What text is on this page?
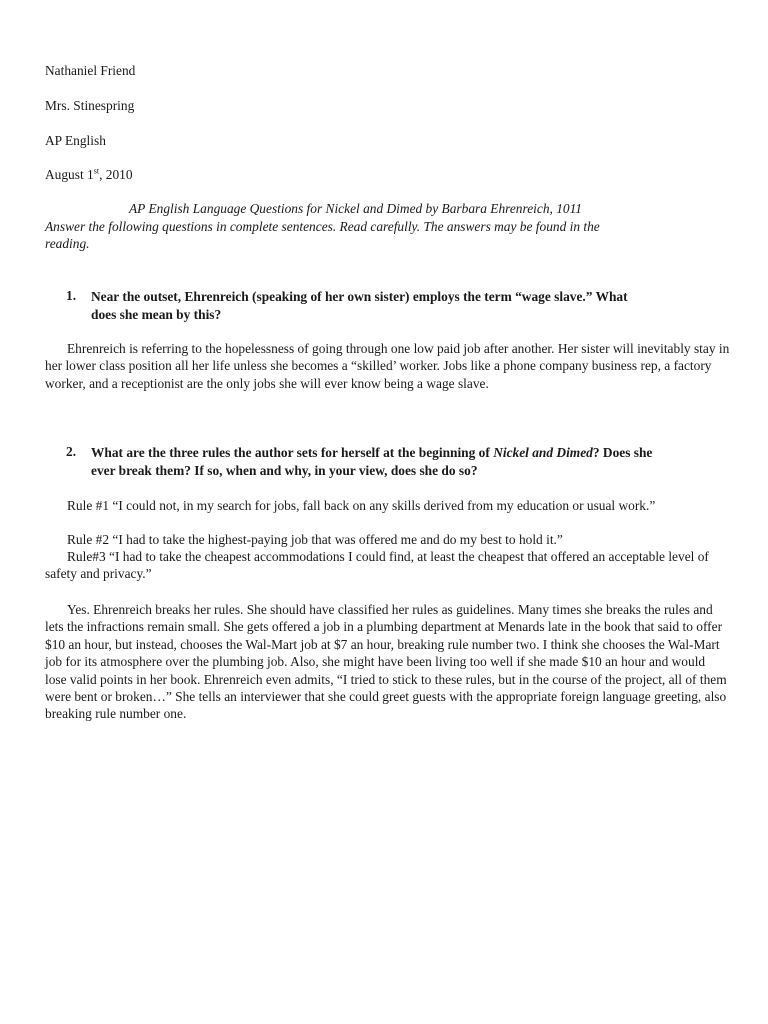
Nathaniel Friend
Mrs. Stinespring
AP English
August 1st, 2010
AP English Language Questions for Nickel and Dimed by Barbara Ehrenreich, 1011
Answer the following questions in complete sentences. Read carefully. The answers may be found in the
reading.
1. Near the outset, Ehrenreich (speaking of her own sister) employs the term “wage slave.” What
does she mean by this?
Ehrenreich is referring to the hopelessness of going through one low paid job after another. Her sister will inevitably stay in her lower class position all her life unless she becomes a “skilled’ worker. Jobs like a phone company business rep, a factory worker, and a receptionist are the only jobs she will ever know being a wage slave.
2. What are the three rules the author sets for herself at the beginning of Nickel and Dimed? Does she
ever break them? If so, when and why, in your view, does she do so?
Rule #1 “I could not, in my search for jobs, fall back on any skills derived from my education or usual work.”
Rule #2 “I had to take the highest-paying job that was offered me and do my best to hold it.”
Rule#3 “I had to take the cheapest accommodations I could find, at least the cheapest that offered an acceptable level of safety and privacy.”
Yes. Ehrenreich breaks her rules. She should have classified her rules as guidelines. Many times she breaks the rules and lets the infractions remain small. She gets offered a job in a plumbing department at Menards late in the book that said to offer $10 an hour, but instead, chooses the Wal-Mart job at $7 an hour, breaking rule number two. I think she chooses the Wal-Mart job for its atmosphere over the plumbing job. Also, she might have been living too well if she made $10 an hour and would lose valid points in her book. Ehrenreich even admits, “I tried to stick to these rules, but in the course of the project, all of them were bent or broken…” She tells an interviewer that she could greet guests with the appropriate foreign language greeting, also breaking rule number one.
